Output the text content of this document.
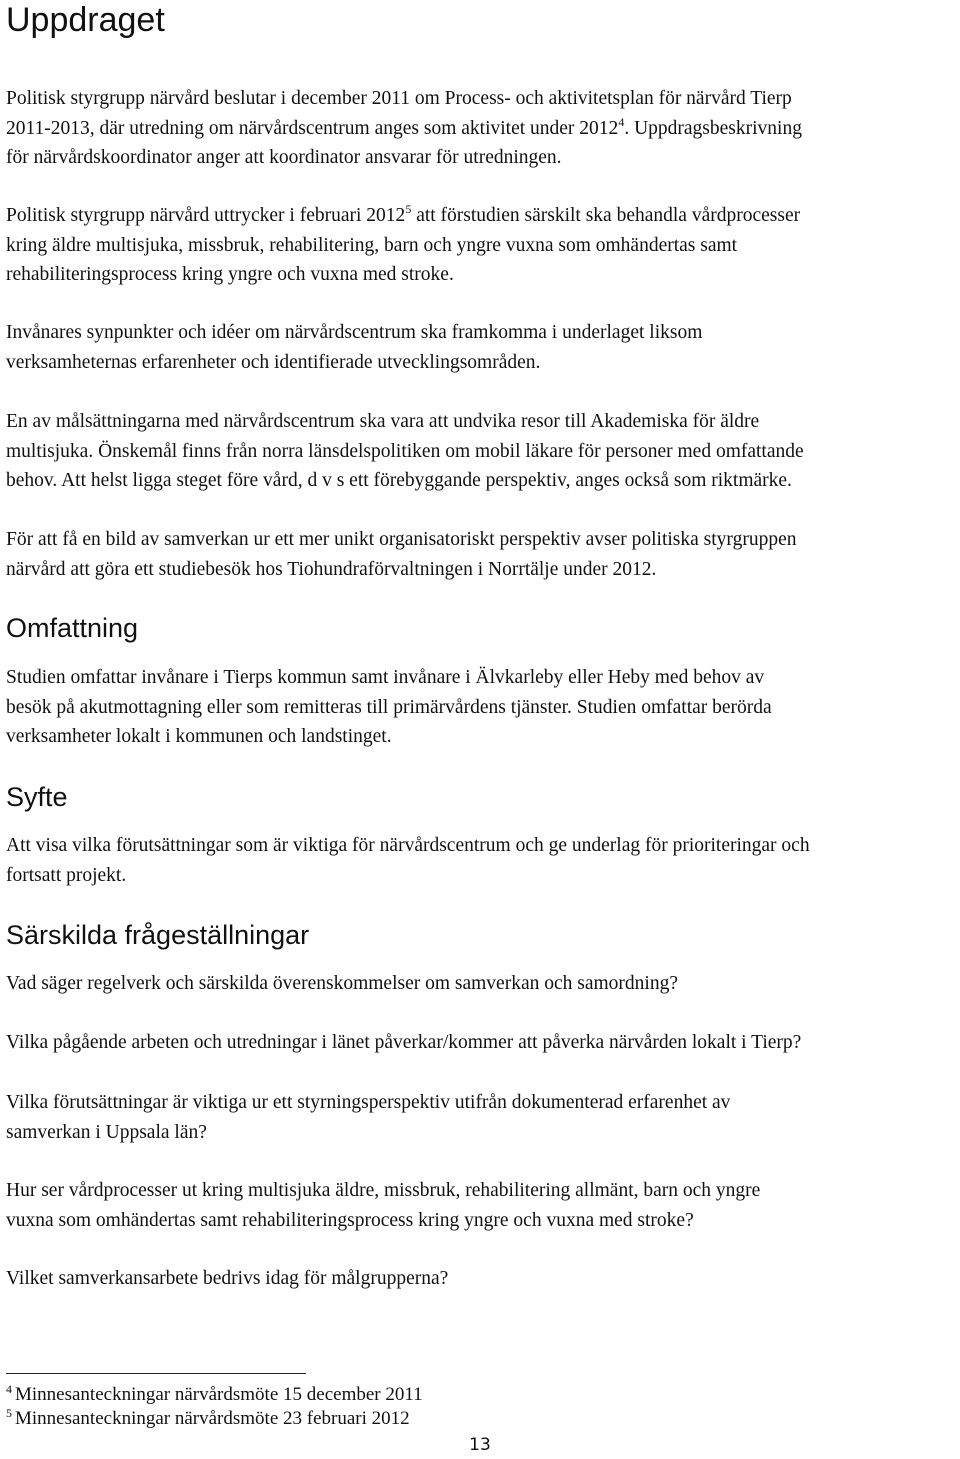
Uppdraget
Politisk styrgrupp närvård beslutar i december 2011 om Process- och aktivitetsplan för närvård Tierp
2011-2013, där utredning om närvårdscentrum anges som aktivitet under 2012$^4$. Uppdragsbeskrivning
för närvårdskoordinator anger att koordinator ansvarar för utredningen.
Politisk styrgrupp närvård uttrycker i februari 2012$^5$ att förstudien särskilt ska behandla vårdprocesser
kring äldre multisjuka, missbruk, rehabilitering, barn och yngre vuxna som omhändertas samt
rehabiliteringsprocess kring yngre och vuxna med stroke.
Invånares synpunkter och idéer om närvårdscentrum ska framkomma i underlaget liksom
verksamheternas erfarenheter och identifierade utvecklingsområden.
En av målsättningarna med närvårdscentrum ska vara att undvika resor till Akademiska för äldre
multisjuka. Önskemål finns från norra länsdelspolitiken om mobil läkare för personer med omfattande
behov. Att helst ligga steget före vård, d v s ett förebyggande perspektiv, anges också som riktmärke.
För att få en bild av samverkan ur ett mer unikt organisatoriskt perspektiv avser politiska styrgruppen
närvård att göra ett studiebesök hos Tiohundraförvaltningen i Norrtälje under 2012.
Omfattning
Studien omfattar invånare i Tierps kommun samt invånare i Älvkarleby eller Heby med behov av
besök på akutmottagning eller som remitteras till primärvårdens tjänster. Studien omfattar berörda
verksamheter lokalt i kommunen och landstinget.
Syfte
Att visa vilka förutsättningar som är viktiga för närvårdscentrum och ge underlag för prioriteringar och
fortsatt projekt.
Särskilda frågeställningar
Vad säger regelverk och särskilda överenskommelser om samverkan och samordning?
Vilka pågående arbeten och utredningar i länet påverkar/kommer att påverka närvården lokalt i Tierp?
Vilka förutsättningar är viktiga ur ett styrningsperspektiv utifrån dokumenterad erfarenhet av
samverkan i Uppsala län?
Hur ser vårdprocesser ut kring multisjuka äldre, missbruk, rehabilitering allmänt, barn och yngre
vuxna som omhändertas samt rehabiliteringsprocess kring yngre och vuxna med stroke?
Vilket samverkansarbete bedrivs idag för målgrupperna?

$^4$ Minnesanteckningar närvårdsmöte 15 december 2011

$^5$ Minnesanteckningar närvårdsmöte 23 februari 2012

13
